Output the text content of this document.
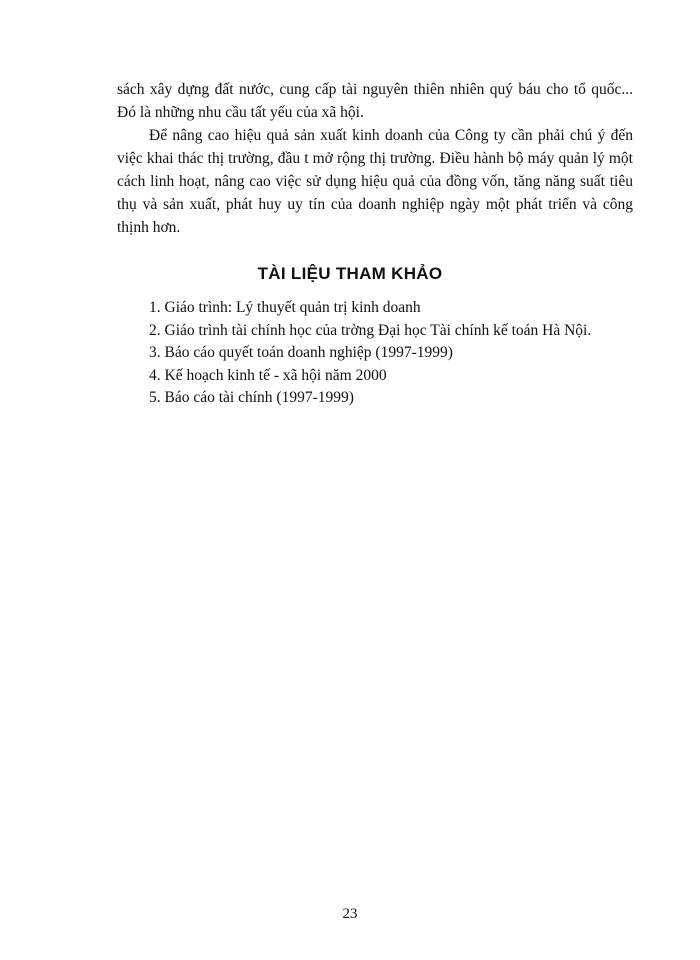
sách xây dựng đất nước, cung cấp tài nguyên thiên nhiên quý báu cho tổ quốc... Đó là những nhu cầu tất yếu của xã hội.

Để nâng cao hiệu quả sản xuất kinh doanh của Công ty cần phải chú ý đến việc khai thác thị trường, đầu t mở rộng thị trường. Điều hành bộ máy quản lý một cách linh hoạt, nâng cao việc sử dụng hiệu quả của đồng vốn, tăng năng suất tiêu thụ và sản xuất, phát huy uy tín của doanh nghiệp ngày một phát triển và công thịnh hơn.

TÀI LIỆU THAM KHẢO
1. Giáo trình: Lý thuyết quản trị kinh doanh
2. Giáo trình tài chính học của trờng Đại học Tài chính kế toán Hà Nội.
3. Báo cáo quyết toán doanh nghiệp (1997-1999)
4. Kế hoạch kinh tế - xã hội năm 2000
5. Báo cáo tài chính (1997-1999)
23
